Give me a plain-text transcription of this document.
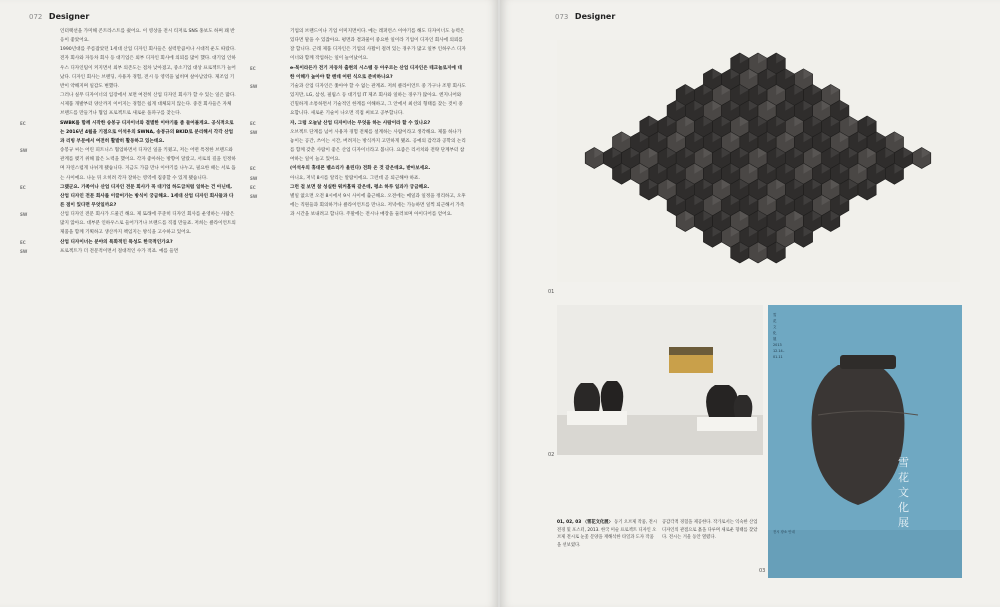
072 Designer

인터랙션을 가미해 콘트라스트를 줬어요. 이 영상을 전시 티저로 SNS 홍보도 하며 꽤 반응이 좋았어요.

1990년대를 주름잡았던 1세대 산업 디자인 회사들은 실력만큼이나 시대적 운도 따랐다. 전자 회사와 자동차 회사 등 대기업은 외부 디자인 회사에 의뢰를 많이 했다. 대기업 인하우스 디자인팀이 커지면서 외부 의존도는 점차 낮아졌고, 중소기업 대상 프로젝트가 늘어났다. 디자인 회사는 브랜딩, 사용자 경험, 전시 등 영역을 넓히며 살아남았다. 제조업 기반이 약해지며 일감도 변했다.

그러나 실무 디자이너의 입장에서 보면 여전히 산업 디자인 회사가 할 수 있는 일은 많다. 시제품 개발부터 양산까지 이어지는 경험은 쉽게 대체되지 않는다. 중견 회사들은 자체 브랜드를 만들거나 협업 프로젝트로 새로운 돌파구를 찾는다.

EC	SWBK를 함께 시작한 송봉규 디자이너와 결별한 이야기를 좀 들어볼게요. 공식적으로는 2016년 4월을 기점으로 이석우의 SWNA, 송봉규의 BKID로 분리해서 각각 산업과 리빙 부문에서 여전히 활발히 활동하고 있는데요.

SW	송봉규 씨는 어린 피트니스 협업하면서 디자인 일을 키웠고, 저는 어떤 특정한 브랜드와 관계를 맺기 위해 많은 노력을 했어요. 각자 좋아하는 방향이 달랐고, 서로의 길을 인정하며 자연스럽게 나뉘게 됐습니다. 지금도 가끔 만나 이야기를 나누고, 필요한 때는 서로 돕는 사이예요. 나눈 뒤 오히려 각자 잘하는 영역에 집중할 수 있게 됐습니다.

EC	그랬군요. 가족이나 산업 디자인 전문 회사가 꼭 대기업 하도급처럼 일하는 건 아닌데, 산업 디자인 전문 회사를 이끌어가는 방식이 궁금해요. 1세대 산업 디자인 회사들과 다른 점이 있다면 무엇일까요?

SW	산업 디자인 전문 회사가 드물긴 해요. 제 또래에 꾸준히 디자인 회사를 운영하는 사람은 많지 않아요. 대부분 인하우스로 들어가거나 브랜드를 직접 만들죠. 저희는 클라이언트의 제품을 함께 기획하고 생산까지 책임지는 방식을 고수하고 있어요.

EC	산업 디자이너는 분야의 특화적인 특성도 한국적인가요?

SW	프로젝트가 더 전문적이면서 절대적인 수가 적죠. 예를 들면

기업의 브랜드이나 기업 이미지면이다. 예는 레퍼런스 이야기를 해도 디자이너도 능력은 있다면 말을 수 있잖아요. 평면과 결과물이 중요한 일이라 기업이 디자인 회사에 의뢰를 잘 합니다. 근래 제품 디자인은 기업의 사활이 걸려 있는 경우가 많고 일부 인하우스 디자이너와 함께 작업하는 일이 늘어났어요.

EC	e-북이라든가 전기 자동차 출현의 시스템 등 아우르는 산업 디자인은 테크놀로지에 대한 이해가 높아야 할 텐데 어떤 식으로 준비하나요?

SW	기술과 산업 디자인은 쫓아야 할 수 없는 관계죠. 저희 클라이언트 중 가구나 조명 회사도 있지만, LG, 삼성, 필립스 등 대기업 IT 제조 회사와 일하는 경우가 많아요. 엔지니어와 긴밀하게 소통하면서 기술적인 한계를 이해하고, 그 안에서 최선의 형태를 찾는 것이 중요합니다. 새로운 기술이 나오면 직접 써보고 공부합니다.

EC	자, 그럼 오늘날 산업 디자이너는 무엇을 하는 사람이라 할 수 있나요?

SW	오브젝트 단계를 넘어 사용자 경험 전체를 설계하는 사람이라고 생각해요. 제품 하나가 놓이는 공간, 쓰이는 시간, 버려지는 방식까지 고민하게 됐죠. 공예의 감각과 공학의 논리를 함께 갖춘 사람이 좋은 산업 디자이너라고 봅니다. 요즘은 리서치와 전략 단계부터 참여하는 일이 늘고 있어요.

EC	(이석우의 휴대폰 벨소리가 울린다) 전화 온 것 같은데요, 받아보세요.

SW	아니요, 저녁 8시를 알리는 알람이에요. 그런데 곧 퇴근해야 하죠.

EC	그런 걸 보면 참 성실한 워커홀릭 같은데, 평소 하루 일과가 궁금해요.

SW	별일 없으면 오전 8시에서 9시 사이에 출근해요. 오전에는 메일과 일정을 정리하고, 오후에는 직원들과 회의하거나 클라이언트를 만나요. 저녁에는 가능하면 일찍 퇴근해서 가족과 시간을 보내려고 합니다. 주말에는 전시나 매장을 둘러보며 아이디어를 얻어요.

073 Designer
01
02
雪
花
文
化
展
2013
12.14–
01.11
雪
花
文
化
展
전시 장소 안내
03
01, 02, 03 〈雪花文化展〉 동기 오브제 작품, 전시 전경 및 포스터, 2013. 한국 미술 프로젝트 디자인 오브제 전시로 눈꽃 문양을 재해석한 타일과 도자 작품을 선보였다.
공감각적 경험을 제공한다. 작가로서는 익숙한 산업 디자인의 관점으로 흙을 다루며 새로운 형태를 찾았다. 전시는 겨울 동안 열렸다.
